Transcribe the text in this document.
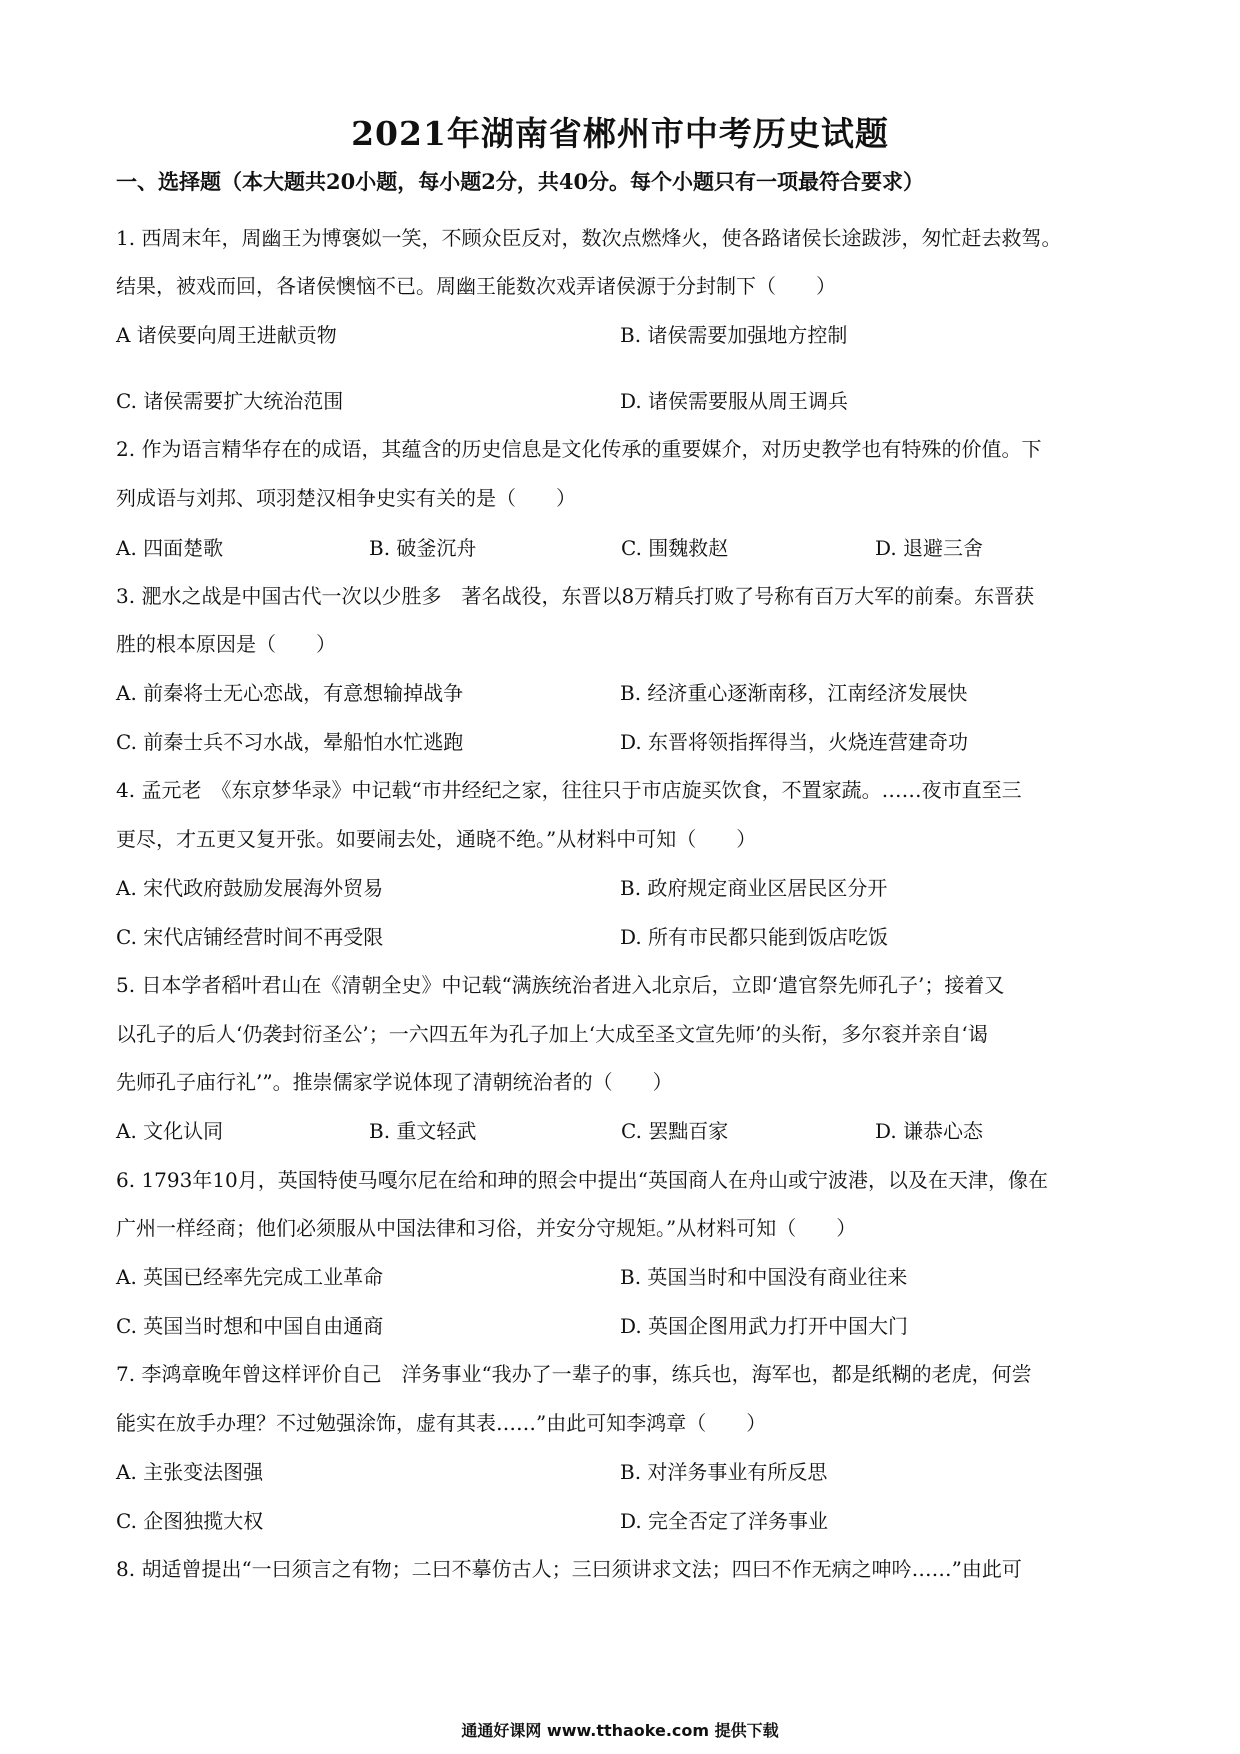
2021年湖南省郴州市中考历史试题
一、选择题（本大题共20小题，每小题2分，共40分。每个小题只有一项最符合要求）
1. 西周末年，周幽王为博褒姒一笑，不顾众臣反对，数次点燃烽火，使各路诸侯长途跋涉，匆忙赶去救驾。
结果，被戏而回，各诸侯懊恼不已。周幽王能数次戏弄诸侯源于分封制下（　　）
A 诸侯要向周王进献贡物	B. 诸侯需要加强地方控制
C. 诸侯需要扩大统治范围	D. 诸侯需要服从周王调兵
2. 作为语言精华存在的成语，其蕴含的历史信息是文化传承的重要媒介，对历史教学也有特殊的价值。下
列成语与刘邦、项羽楚汉相争史实有关的是（　　）
A. 四面楚歌	B. 破釜沉舟	C. 围魏救赵	D. 退避三舍
3. 淝水之战是中国古代一次以少胜多　著名战役，东晋以8万精兵打败了号称有百万大军的前秦。东晋获
胜的根本原因是（　　）
A. 前秦将士无心恋战，有意想输掉战争	B. 经济重心逐渐南移，江南经济发展快
C. 前秦士兵不习水战，晕船怕水忙逃跑	D. 东晋将领指挥得当，火烧连营建奇功
4. 孟元老　《东京梦华录》中记载“市井经纪之家，往往只于市店旋买饮食，不置家蔬。……夜市直至三
更尽，才五更又复开张。如要闹去处，通晓不绝。”从材料中可知（　　）
A. 宋代政府鼓励发展海外贸易	B. 政府规定商业区居民区分开
C. 宋代店铺经营时间不再受限	D. 所有市民都只能到饭店吃饭
5. 日本学者稻叶君山在《清朝全史》中记载“满族统治者进入北京后，立即‘遣官祭先师孔子’；接着又
以孔子的后人‘仍袭封衍圣公’；一六四五年为孔子加上‘大成至圣文宣先师’的头衔，多尔衮并亲自‘谒
先师孔子庙行礼’”。推崇儒家学说体现了清朝统治者的（　　）
A. 文化认同	B. 重文轻武	C. 罢黜百家	D. 谦恭心态
6. 1793年10月，英国特使马嘎尔尼在给和珅的照会中提出“英国商人在舟山或宁波港，以及在天津，像在
广州一样经商；他们必须服从中国法律和习俗，并安分守规矩。”从材料可知（　　）
A. 英国已经率先完成工业革命	B. 英国当时和中国没有商业往来
C. 英国当时想和中国自由通商	D. 英国企图用武力打开中国大门
7. 李鸿章晚年曾这样评价自己　洋务事业“我办了一辈子的事，练兵也，海军也，都是纸糊的老虎，何尝
能实在放手办理？不过勉强涂饰，虚有其表……”由此可知李鸿章（　　）
A. 主张变法图强	B. 对洋务事业有所反思
C. 企图独揽大权	D. 完全否定了洋务事业
8. 胡适曾提出“一曰须言之有物；二曰不摹仿古人；三曰须讲求文法；四曰不作无病之呻吟……”由此可
通通好课网 www.tthaoke.com 提供下载
